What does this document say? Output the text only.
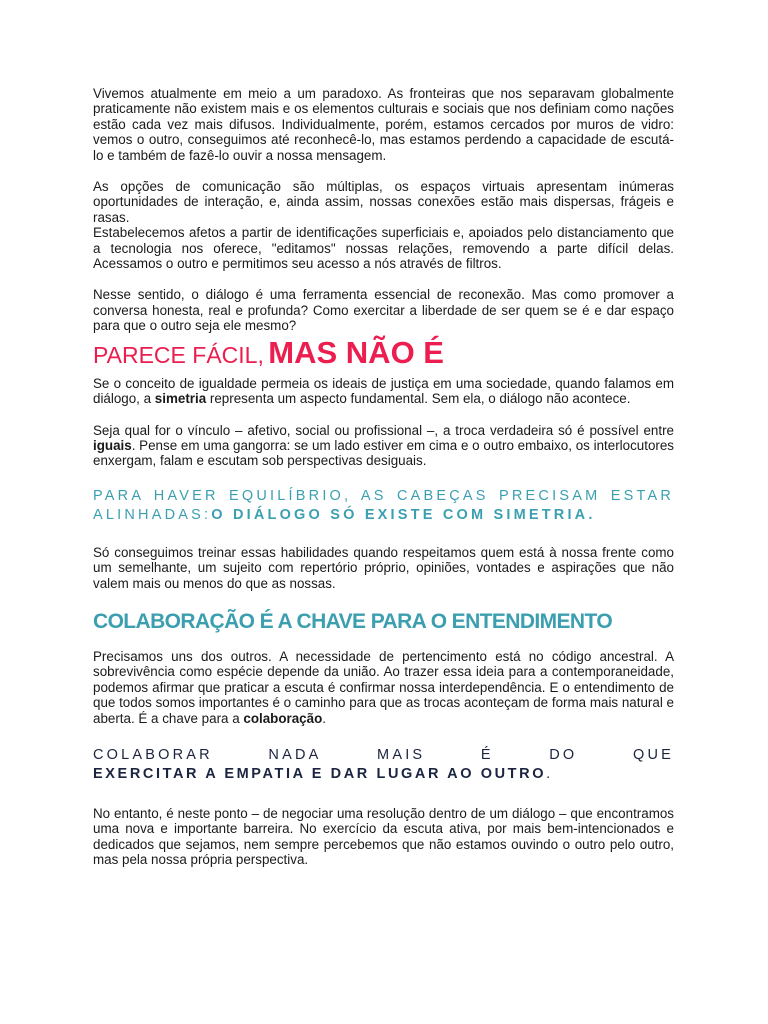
Vivemos atualmente em meio a um paradoxo. As fronteiras que nos separavam globalmente praticamente não existem mais e os elementos culturais e sociais que nos definiam como nações estão cada vez mais difusos. Individualmente, porém, estamos cercados por muros de vidro: vemos o outro, conseguimos até reconhecê-lo, mas estamos perdendo a capacidade de escutá-lo e também de fazê-lo ouvir a nossa mensagem.

As opções de comunicação são múltiplas, os espaços virtuais apresentam inúmeras oportunidades de interação, e, ainda assim, nossas conexões estão mais dispersas, frágeis e rasas.

Estabelecemos afetos a partir de identificações superficiais e, apoiados pelo distanciamento que a tecnologia nos oferece, "editamos" nossas relações, removendo a parte difícil delas. Acessamos o outro e permitimos seu acesso a nós através de filtros.

Nesse sentido, o diálogo é uma ferramenta essencial de reconexão. Mas como promover a conversa honesta, real e profunda? Como exercitar a liberdade de ser quem se é e dar espaço para que o outro seja ele mesmo?

PARECE FÁCIL, MAS NÃO É

Se o conceito de igualdade permeia os ideais de justiça em uma sociedade, quando falamos em diálogo, a simetria representa um aspecto fundamental. Sem ela, o diálogo não acontece.

Seja qual for o vínculo – afetivo, social ou profissional –, a troca verdadeira só é possível entre iguais. Pense em uma gangorra: se um lado estiver em cima e o outro embaixo, os interlocutores enxergam, falam e escutam sob perspectivas desiguais.

PARA HAVER EQUILÍBRIO, AS CABEÇAS PRECISAM ESTAR ALINHADAS:O DIÁLOGO SÓ EXISTE COM SIMETRIA.

Só conseguimos treinar essas habilidades quando respeitamos quem está à nossa frente como um semelhante, um sujeito com repertório próprio, opiniões, vontades e aspirações que não valem mais ou menos do que as nossas.

COLABORAÇÃO É A CHAVE PARA O ENTENDIMENTO

Precisamos uns dos outros. A necessidade de pertencimento está no código ancestral. A sobrevivência como espécie depende da união. Ao trazer essa ideia para a contemporaneidade, podemos afirmar que praticar a escuta é confirmar nossa interdependência. E o entendimento de que todos somos importantes é o caminho para que as trocas aconteçam de forma mais natural e aberta. É a chave para a colaboração.

COLABORAR	NADA	MAIS	É	DO	QUE
EXERCITAR A EMPATIA E DAR LUGAR AO OUTRO.

No entanto, é neste ponto – de negociar uma resolução dentro de um diálogo – que encontramos uma nova e importante barreira. No exercício da escuta ativa, por mais bem-intencionados e dedicados que sejamos, nem sempre percebemos que não estamos ouvindo o outro pelo outro, mas pela nossa própria perspectiva.
